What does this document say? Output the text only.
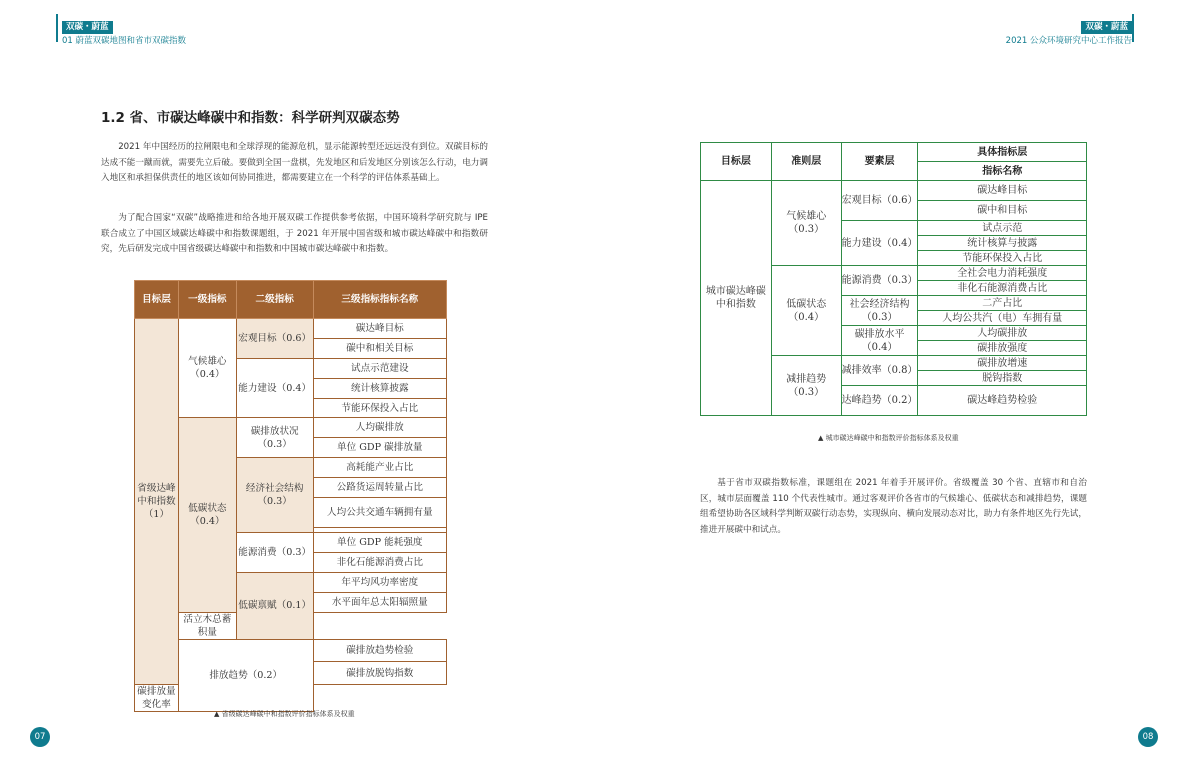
双碳・蔚蓝
01 蔚蓝双碳地图和省市双碳指数
双碳・蔚蓝
2021 公众环境研究中心工作报告
1.2 省、市碳达峰碳中和指数：科学研判双碳态势

2021 年中国经历的拉闸限电和全球浮现的能源危机，显示能源转型还远远没有到位。双碳目标的达成不能一蹴而就，需要先立后破。要做到全国一盘棋，先发地区和后发地区分别该怎么行动，电力调入地区和承担保供责任的地区该如何协同推进，都需要建立在一个科学的评估体系基础上。

为了配合国家“双碳”战略推进和给各地开展双碳工作提供参考依据，中国环境科学研究院与 IPE 联合成立了中国区域碳达峰碳中和指数课题组，于 2021 年开展中国省级和城市碳达峰碳中和指数研究，先后研发完成中国省级碳达峰碳中和指数和中国城市碳达峰碳中和指数。

目标层	一级指标	二级指标	三级指标指标名称
省级达峰中和指数（1）	气候雄心（0.4）	宏观目标（0.6）	碳达峰目标
			碳中和相关目标
		能力建设（0.4）	试点示范建设
			统计核算披露
			节能环保投入占比
	低碳状态（0.4）	碳排放状况（0.3）	人均碳排放
			单位 GDP 碳排放量
		经济社会结构（0.3）	高耗能产业占比
			公路货运周转量占比
			人均公共交通车辆拥有量

		能源消费（0.3）	单位 GDP 能耗强度
			非化石能源消费占比
		低碳禀赋（0.1）	年平均风功率密度
			水平面年总太阳辐照量
	活立木总蓄积量		
	排放趋势（0.2）		碳排放趋势检验
			碳排放脱钩指数
碳排放量变化率			
▲ 省级碳达峰碳中和指数评价指标体系及权重
目标层	准则层	要素层	具体指标层
			指标名称
城市碳达峰碳中和指数	气候雄心（0.3）	宏观目标（0.6）	碳达峰目标
			碳中和目标
		能力建设（0.4）	试点示范
			统计核算与披露
			节能环保投入占比
	低碳状态（0.4）	能源消费（0.3）	全社会电力消耗强度
			非化石能源消费占比
		社会经济结构（0.3）	二产占比
			人均公共汽（电）车拥有量
		碳排放水平（0.4）	人均碳排放
			碳排放强度
	减排趋势（0.3）	减排效率（0.8）	碳排放增速
			脱钩指数
		达峰趋势（0.2）	碳达峰趋势检验
▲ 城市碳达峰碳中和指数评价指标体系及权重

基于省市双碳指数标准，课题组在 2021 年着手开展评价。省级覆盖 30 个省、直辖市和自治区，城市层面覆盖 110 个代表性城市。通过客观评价各省市的气候雄心、低碳状态和减排趋势，课题组希望协助各区域科学判断双碳行动态势，实现纵向、横向发展动态对比，助力有条件地区先行先试，推进开展碳中和试点。

07	08
